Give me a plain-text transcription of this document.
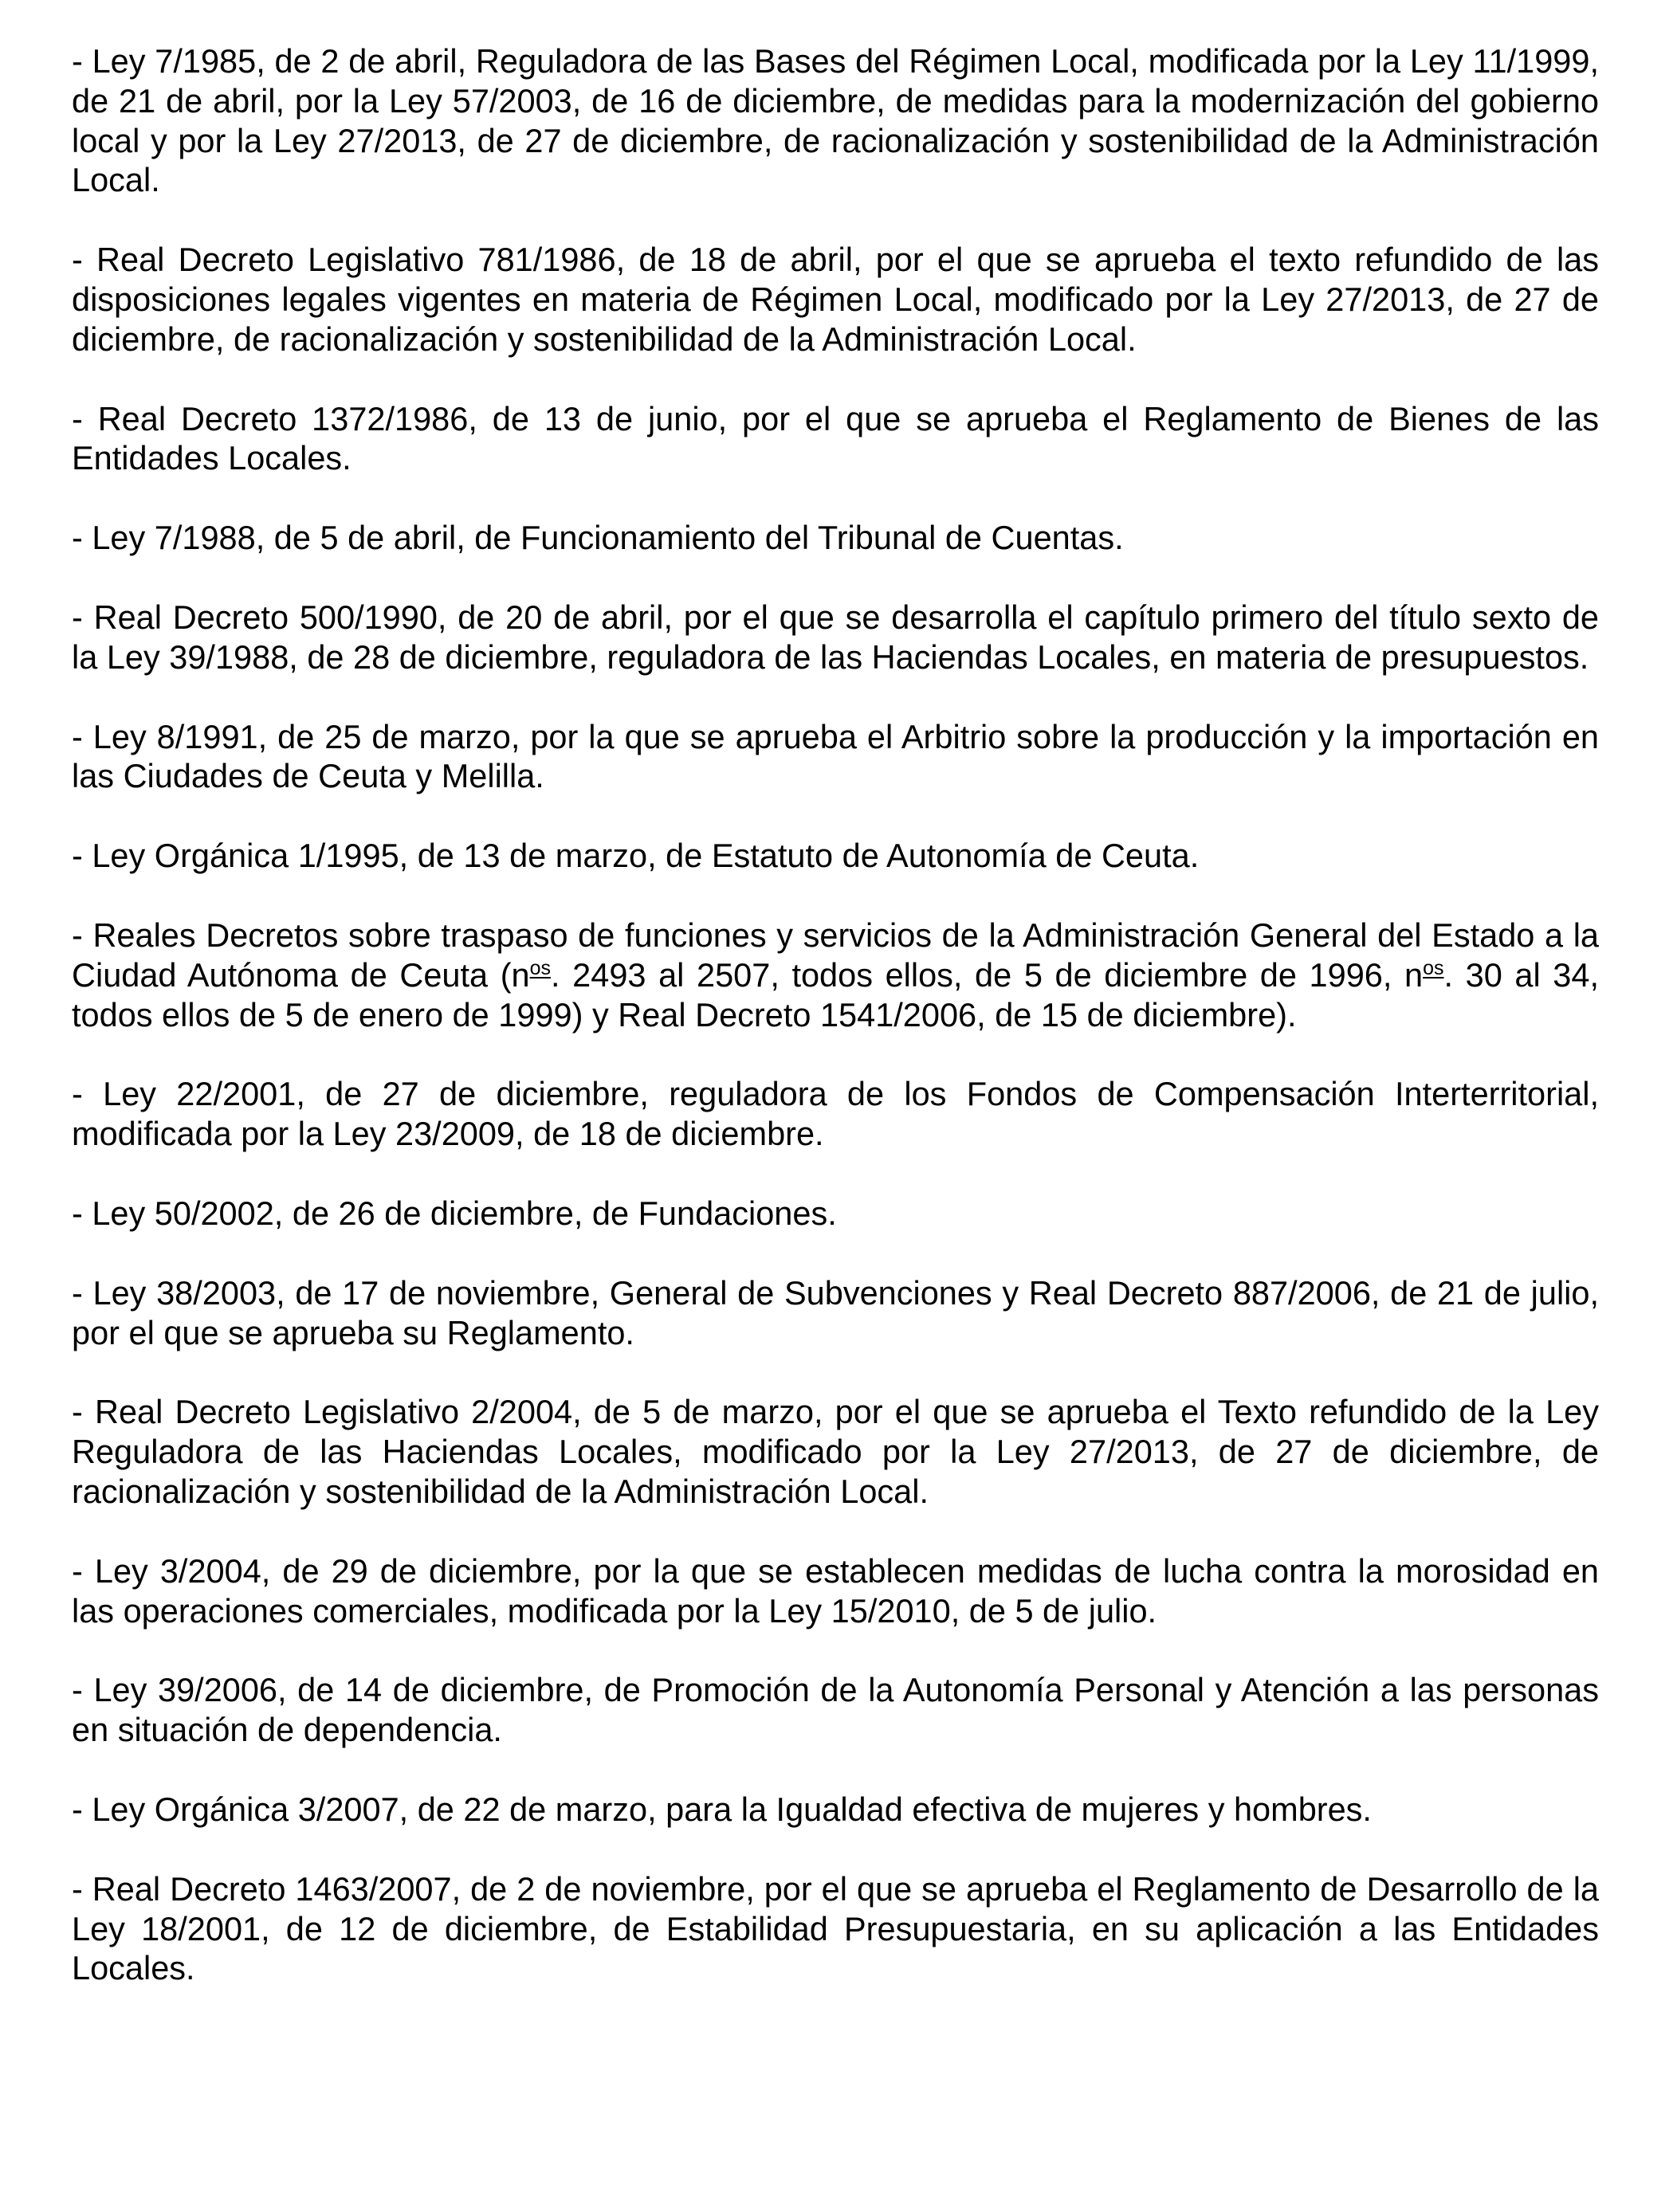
- Ley 7/1985, de 2 de abril, Reguladora de las Bases del Régimen Local, modificada por la Ley 11/1999, de 21 de abril, por la Ley 57/2003, de 16 de diciembre, de medidas para la modernización del gobierno local y por la Ley 27/2013, de 27 de diciembre, de racionalización y sostenibilidad de la Administración Local.

- Real Decreto Legislativo 781/1986, de 18 de abril, por el que se aprueba el texto refundido de las disposiciones legales vigentes en materia de Régimen Local, modificado por la Ley 27/2013, de 27 de diciembre, de racionalización y sostenibilidad de la Administración Local.

- Real Decreto 1372/1986, de 13 de junio, por el que se aprueba el Reglamento de Bienes de las Entidades Locales.

- Ley 7/1988, de 5 de abril, de Funcionamiento del Tribunal de Cuentas.

- Real Decreto 500/1990, de 20 de abril, por el que se desarrolla el capítulo primero del título sexto de la Ley 39/1988, de 28 de diciembre, reguladora de las Haciendas Locales, en materia de presupuestos.

- Ley 8/1991, de 25 de marzo, por la que se aprueba el Arbitrio sobre la producción y la importación en las Ciudades de Ceuta y Melilla.

- Ley Orgánica 1/1995, de 13 de marzo, de Estatuto de Autonomía de Ceuta.

- Reales Decretos sobre traspaso de funciones y servicios de la Administración General del Estado a la Ciudad Autónoma de Ceuta ($n^{os}$. 2493 al 2507, todos ellos, de 5 de diciembre de 1996, $n^{os}$. 30 al 34, todos ellos de 5 de enero de 1999) y Real Decreto 1541/2006, de 15 de diciembre).

- Ley 22/2001, de 27 de diciembre, reguladora de los Fondos de Compensación Interterritorial, modificada por la Ley 23/2009, de 18 de diciembre.

- Ley 50/2002, de 26 de diciembre, de Fundaciones.

- Ley 38/2003, de 17 de noviembre, General de Subvenciones y Real Decreto 887/2006, de 21 de julio, por el que se aprueba su Reglamento.

- Real Decreto Legislativo 2/2004, de 5 de marzo, por el que se aprueba el Texto refundido de la Ley Reguladora de las Haciendas Locales, modificado por la Ley 27/2013, de 27 de diciembre, de racionalización y sostenibilidad de la Administración Local.

- Ley 3/2004, de 29 de diciembre, por la que se establecen medidas de lucha contra la morosidad en las operaciones comerciales, modificada por la Ley 15/2010, de 5 de julio.

- Ley 39/2006, de 14 de diciembre, de Promoción de la Autonomía Personal y Atención a las personas en situación de dependencia.

- Ley Orgánica 3/2007, de 22 de marzo, para la Igualdad efectiva de mujeres y hombres.

- Real Decreto 1463/2007, de 2 de noviembre, por el que se aprueba el Reglamento de Desarrollo de la Ley 18/2001, de 12 de diciembre, de Estabilidad Presupuestaria, en su aplicación a las Entidades Locales.
